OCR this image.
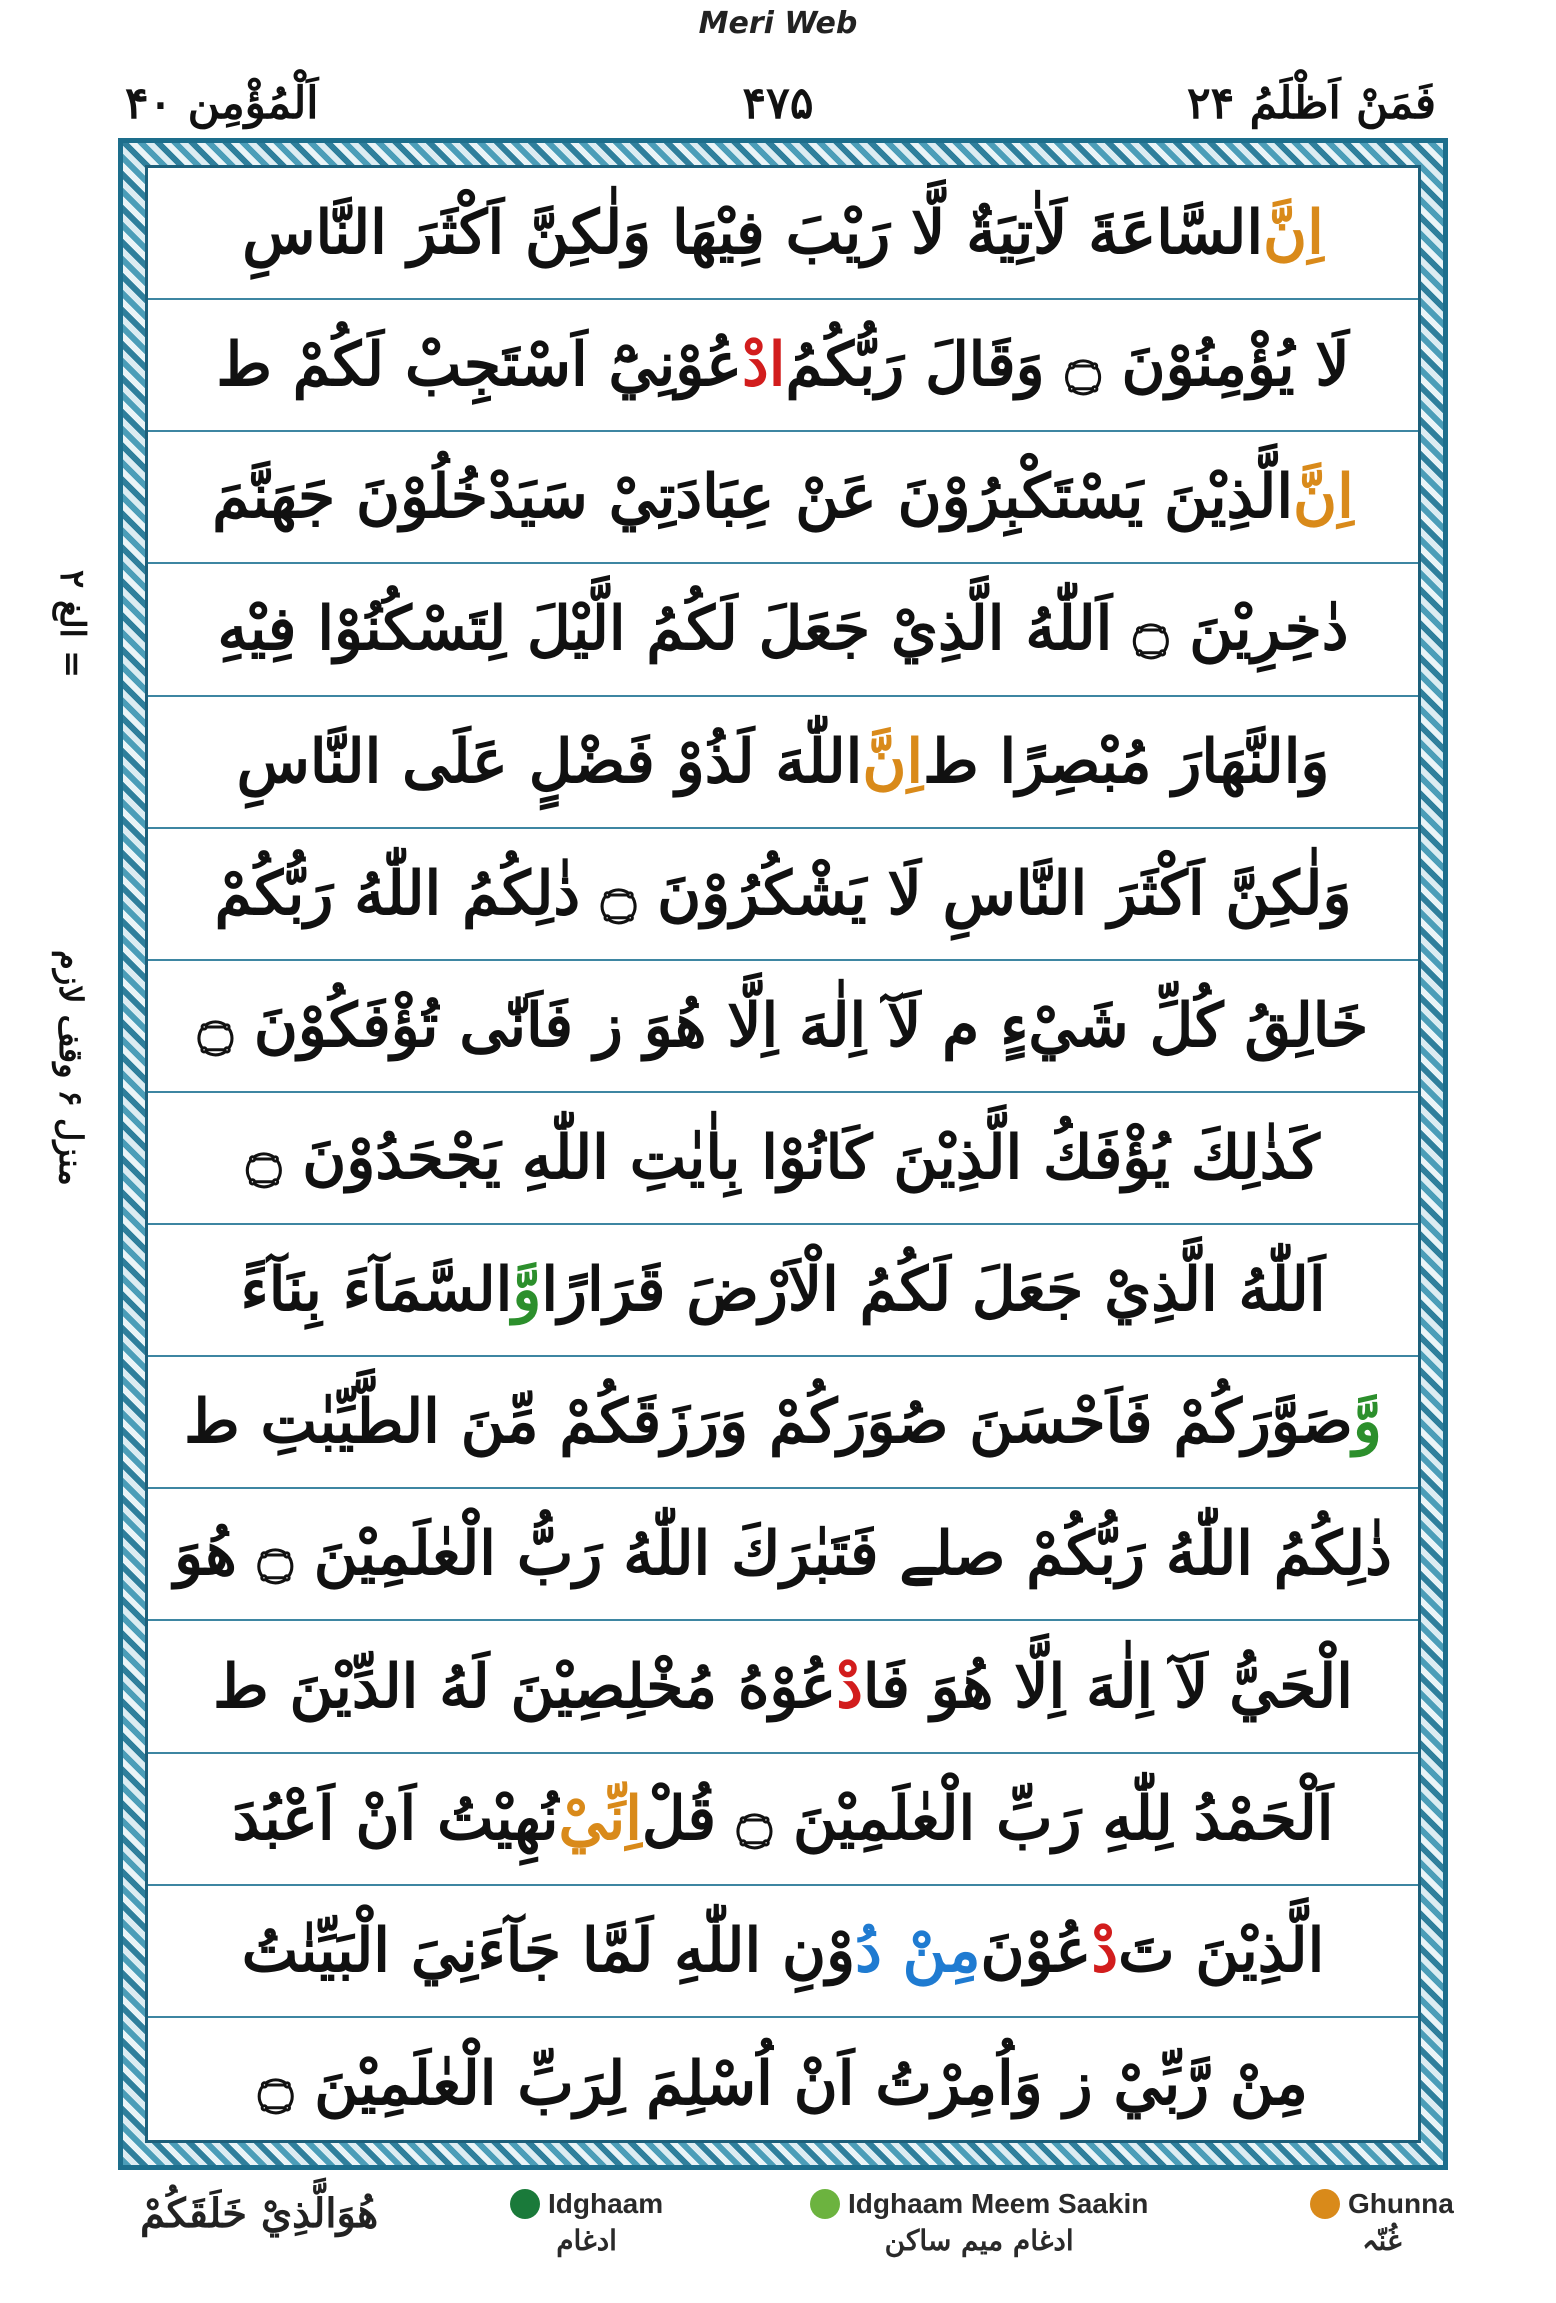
Meri Web
فَمَنْ اَظْلَمُ ۲۴
۴۷۵
اَلْمُؤْمِن ۴۰
= الغ ۲
منزل ۶ وقف لازم
اِنَّ
السَّاعَةَ لَاٰتِيَةٌ لَّا رَيْبَ فِيْهَا وَلٰكِنَّ اَكْثَرَ النَّاسِ
لَا يُؤْمِنُوْنَ ۝ وَقَالَ رَبُّكُمُ
ادْ
عُوْنِيْٓ اَسْتَجِبْ لَكُمْ ط
اِنَّ
الَّذِيْنَ يَسْتَكْبِرُوْنَ عَنْ عِبَادَتِيْ سَيَدْخُلُوْنَ جَهَنَّمَ
دٰخِرِيْنَ ۝ اَللّٰهُ الَّذِيْ جَعَلَ لَكُمُ الَّيْلَ لِتَسْكُنُوْا فِيْهِ
وَالنَّهَارَ مُبْصِرًا ط
اِنَّ
اللّٰهَ لَذُوْ فَضْلٍ عَلَى النَّاسِ
وَلٰكِنَّ اَكْثَرَ النَّاسِ لَا يَشْكُرُوْنَ ۝ ذٰلِكُمُ اللّٰهُ رَبُّكُمْ
خَالِقُ كُلِّ شَيْءٍ م لَآ اِلٰهَ اِلَّا هُوَ ز فَاَنّٰى تُؤْفَكُوْنَ ۝
كَذٰلِكَ يُؤْفَكُ الَّذِيْنَ كَانُوْا بِاٰيٰتِ اللّٰهِ يَجْحَدُوْنَ ۝
اَللّٰهُ الَّذِيْ جَعَلَ لَكُمُ الْاَرْضَ قَرَارًا
وَّ
السَّمَآءَ بِنَآءً
وَّ
صَوَّرَكُمْ فَاَحْسَنَ صُوَرَكُمْ وَرَزَقَكُمْ مِّنَ الطَّيِّبٰتِ ط
ذٰلِكُمُ اللّٰهُ رَبُّكُمْ صلے فَتَبٰرَكَ اللّٰهُ رَبُّ الْعٰلَمِيْنَ ۝ هُوَ
الْحَيُّ لَآ اِلٰهَ اِلَّا هُوَ فَا
دْ
عُوْهُ مُخْلِصِيْنَ لَهُ الدِّيْنَ ط
اَلْحَمْدُ لِلّٰهِ رَبِّ الْعٰلَمِيْنَ ۝ قُلْ
اِنِّيْ
نُهِيْتُ اَنْ اَعْبُدَ
الَّذِيْنَ تَ
دْ
عُوْنَ
مِنْ دُ
وْنِ اللّٰهِ لَمَّا جَآءَنِيَ الْبَيِّنٰتُ
مِنْ رَّبِّيْ ز وَاُمِرْتُ اَنْ اُسْلِمَ لِرَبِّ الْعٰلَمِيْنَ ۝
هُوَالَّذِيْ خَلَقَكُمْ	Idghaam
ادغام
Idghaam Meem Saakin
ادغام میم ساکن
Ghunna
غُنّہ
